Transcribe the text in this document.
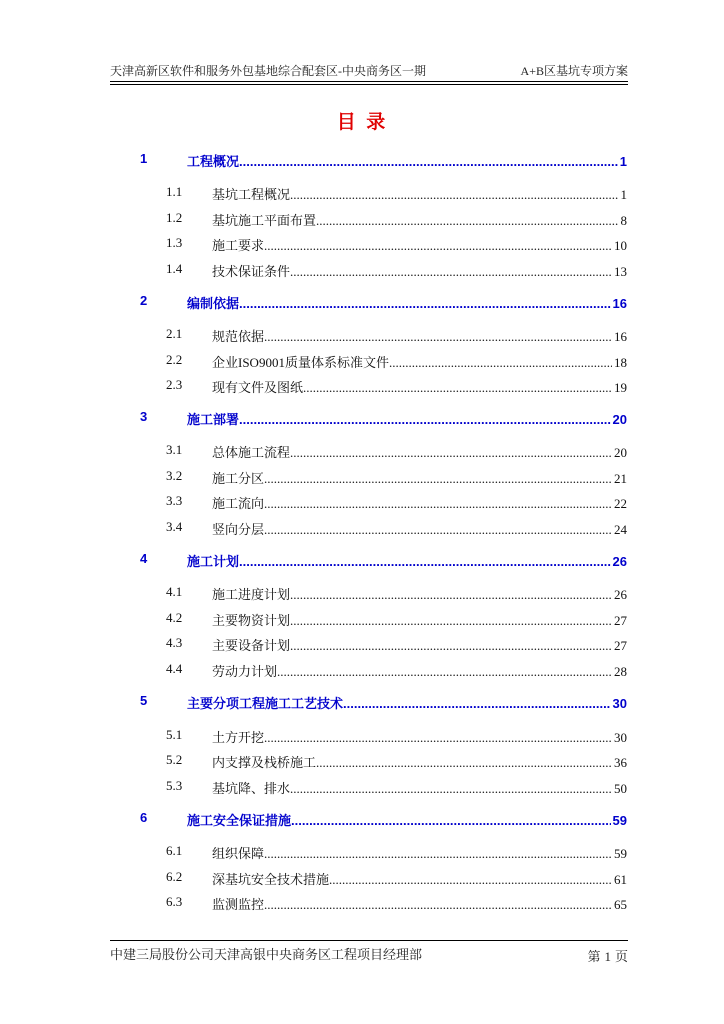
天津高新区软件和服务外包基地综合配套区-中央商务区一期	A+B区基坑专项方案
目 录
1	工程概况 .....	1
1.1 基坑工程概况 .....	1
1.2 基坑施工平面布置 .....	8
1.3 施工要求 .....	10
1.4 技术保证条件 .....	13
2	编制依据 .....	16
2.1 规范依据 .....	16
2.2 企业ISO9001质量体系标准文件 .....	18
2.3 现有文件及图纸 .....	19
3	施工部署 .....	20
3.1 总体施工流程 .....	20
3.2 施工分区 .....	21
3.3 施工流向 .....	22
3.4 竖向分层 .....	24
4	施工计划 .....	26
4.1 施工进度计划 .....	26
4.2 主要物资计划 .....	27
4.3 主要设备计划 .....	27
4.4 劳动力计划 .....	28
5	主要分项工程施工工艺技术 .....	30
5.1 土方开挖 .....	30
5.2 内支撑及栈桥施工 .....	36
5.3 基坑降、排水 .....	50
6	施工安全保证措施 .....	59
6.1 组织保障 .....	59
6.2 深基坑安全技术措施 .....	61
6.3 监测监控 .....	65
中建三局股份公司天津高银中央商务区工程项目经理部	第 1 页
